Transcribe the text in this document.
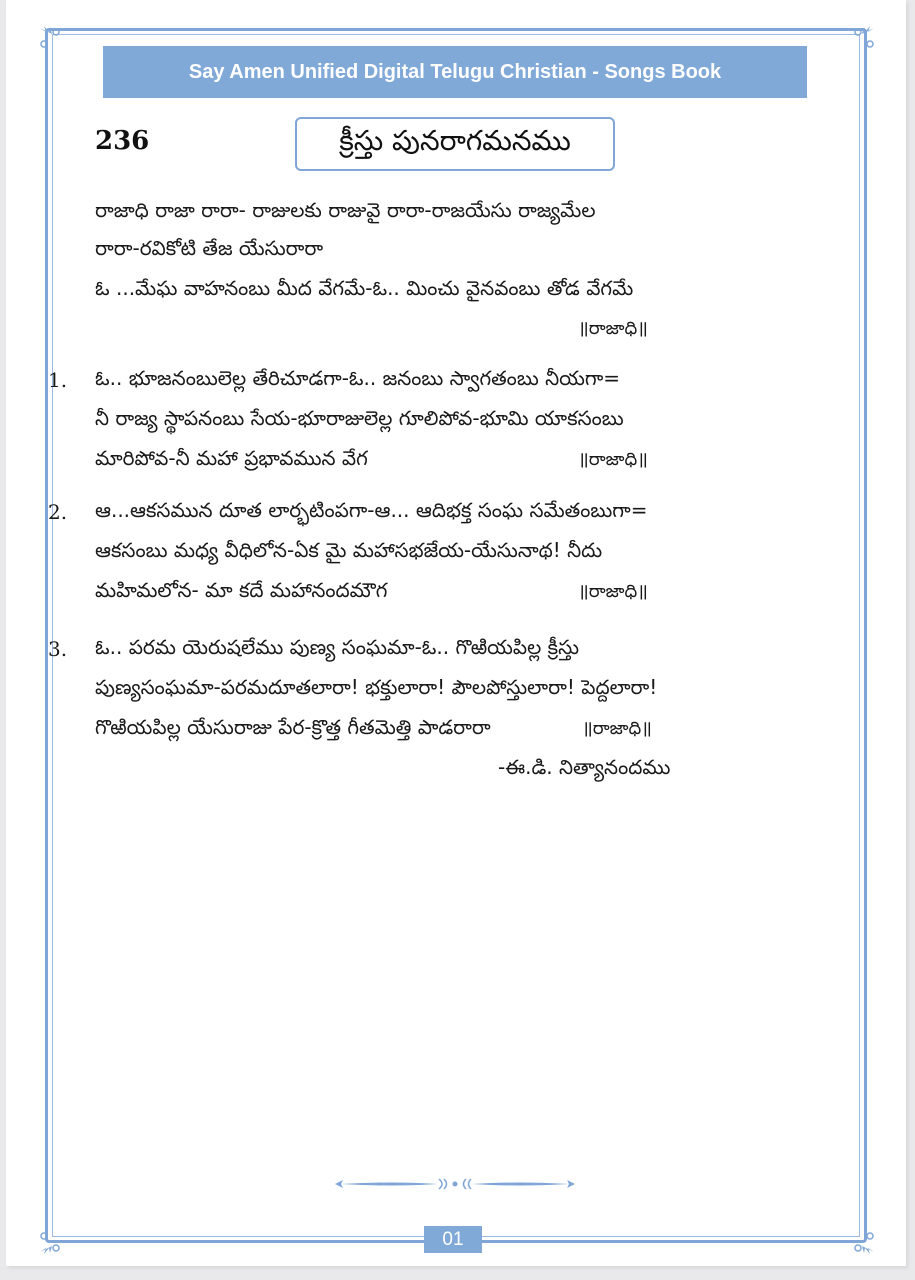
Say Amen Unified Digital Telugu Christian - Songs Book
236	క్రీస్తు పునరాగమనము
రాజాధి రాజా రారా- రాజులకు రాజువై రారా-రాజయేసు రాజ్యమేల
రారా-రవికోటి తేజ యేసురారా
ఓ ...మేఘ వాహనంబు మీద వేగమే-ఓ.. మించు వైనవంబు తోడ వేగమే
॥రాజాధి॥
1. ఓ.. భూజనంబులెల్ల తేరిచూడగా-ఓ.. జనంబు స్వాగతంబు నీయగా=
నీ రాజ్య స్థాపనంబు సేయ-భూరాజులెల్ల గూలిపోవ-భూమి యాకసంబు
మారిపోవ-నీ మహా ప్రభావమున వేగ	॥రాజాధి॥
2. ఆ...ఆకసమున దూత లార్భటింపగా-ఆ... ఆదిభక్త సంఘ సమేతంబుగా=
ఆకసంబు మధ్య వీధిలోన-ఏక మై మహాసభజేయ-యేసునాథ! నీదు
మహిమలోన- మా కదే మహానందమౌగ	॥రాజాధి॥
3. ఓ.. పరమ యెరుషలేము పుణ్య సంఘమా-ఓ.. గొఱియపిల్ల క్రీస్తు
పుణ్యసంఘమా-పరమదూతలారా! భక్తులారా! పౌలపోస్తులారా! పెద్దలారా!
గొఱియపిల్ల యేసురాజు పేర-క్రొత్త గీతమెత్తి పాడరారా	॥రాజాధి॥
-ఈ.డి. నిత్యానందము
01
